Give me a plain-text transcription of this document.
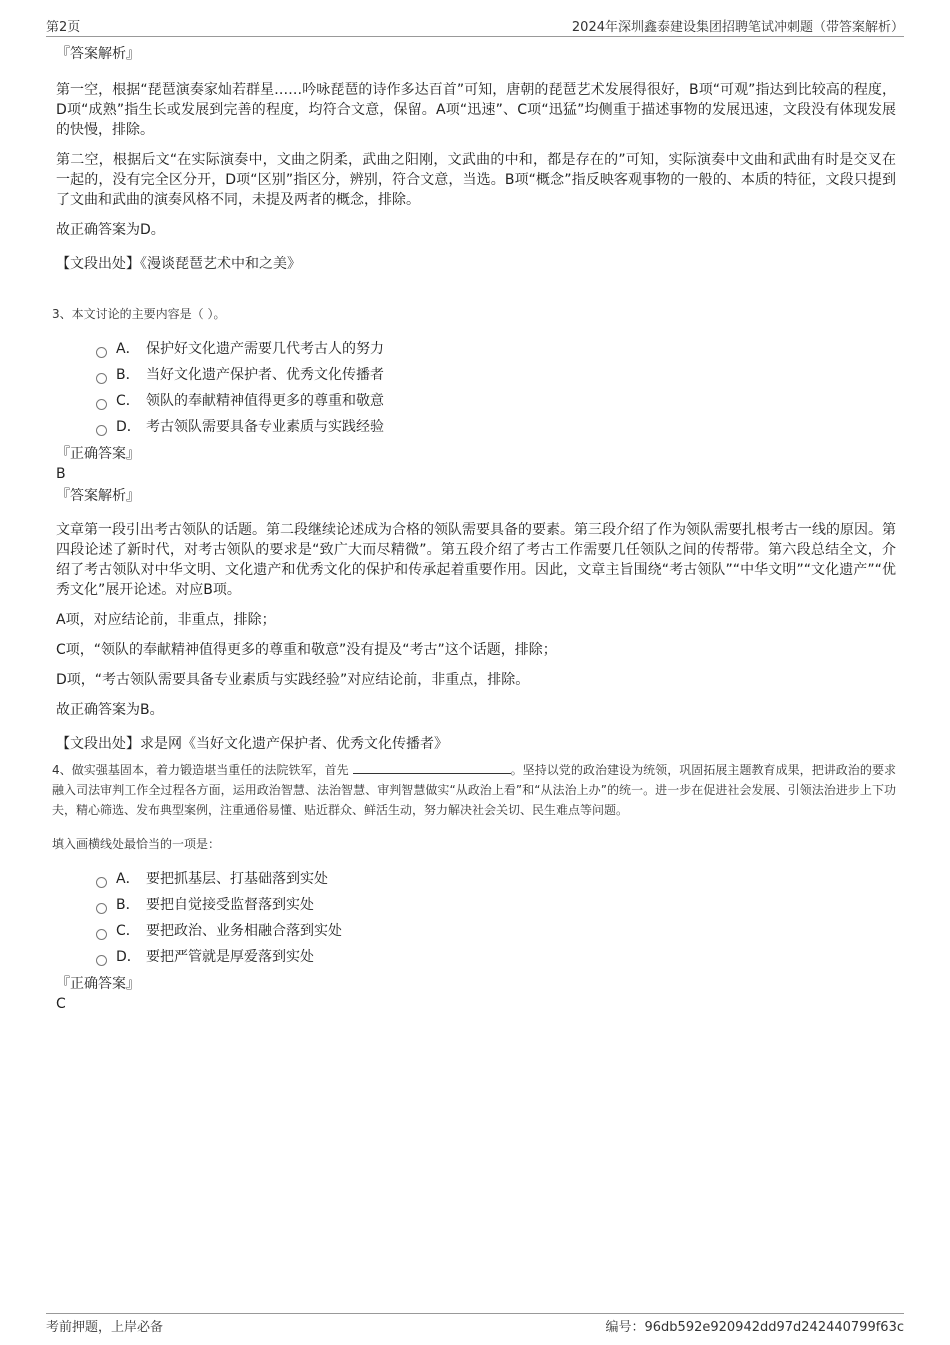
第2页	2024年深圳鑫泰建设集团招聘笔试冲刺题（带答案解析）

『答案解析』

第一空，根据“琵琶演奏家灿若群星……吟咏琵琶的诗作多达百首”可知，唐朝的琵琶艺术发展得很好，B项“可观”指达到比较高的程度，D项“成熟”指生长或发展到完善的程度，均符合文意，保留。A项“迅速”、C项“迅猛”均侧重于描述事物的发展迅速，文段没有体现发展的快慢，排除。

第二空，根据后文“在实际演奏中，文曲之阴柔，武曲之阳刚，文武曲的中和，都是存在的”可知，实际演奏中文曲和武曲有时是交叉在一起的，没有完全区分开，D项“区别”指区分，辨别，符合文意，当选。B项“概念”指反映客观事物的一般的、本质的特征，文段只提到了文曲和武曲的演奏风格不同，未提及两者的概念，排除。

故正确答案为D。

【文段出处】《漫谈琵琶艺术中和之美》

3、本文讨论的主要内容是（ ）。

A． 保护好文化遗产需要几代考古人的努力
B． 当好文化遗产保护者、优秀文化传播者
C． 领队的奉献精神值得更多的尊重和敬意
D． 考古领队需要具备专业素质与实践经验

『正确答案』

B

『答案解析』

文章第一段引出考古领队的话题。第二段继续论述成为合格的领队需要具备的要素。第三段介绍了作为领队需要扎根考古一线的原因。第四段论述了新时代，对考古领队的要求是“致广大而尽精微”。第五段介绍了考古工作需要几任领队之间的传帮带。第六段总结全文，介绍了考古领队对中华文明、文化遗产和优秀文化的保护和传承起着重要作用。因此，文章主旨围绕“考古领队”“中华文明”“文化遗产”“优秀文化”展开论述。对应B项。

A项，对应结论前，非重点，排除；

C项，“领队的奉献精神值得更多的尊重和敬意”没有提及“考古”这个话题，排除；

D项，“考古领队需要具备专业素质与实践经验”对应结论前，非重点，排除。

故正确答案为B。

【文段出处】求是网《当好文化遗产保护者、优秀文化传播者》

4、做实强基固本，着力锻造堪当重任的法院铁军，首先	。坚持以党的政治建设为统领，巩固拓展主题教育成果，把讲政治的要求融入司法审判工作全过程各方面，运用政治智慧、法治智慧、审判智慧做实“从政治上看”和“从法治上办”的统一。进一步在促进社会发展、引领法治进步上下功夫，精心筛选、发布典型案例，注重通俗易懂、贴近群众、鲜活生动，努力解决社会关切、民生难点等问题。

填入画横线处最恰当的一项是：

A． 要把抓基层、打基础落到实处
B． 要把自觉接受监督落到实处
C． 要把政治、业务相融合落到实处
D． 要把严管就是厚爱落到实处

『正确答案』

C

考前押题，上岸必备	编号：96db592e920942dd97d242440799f63c
